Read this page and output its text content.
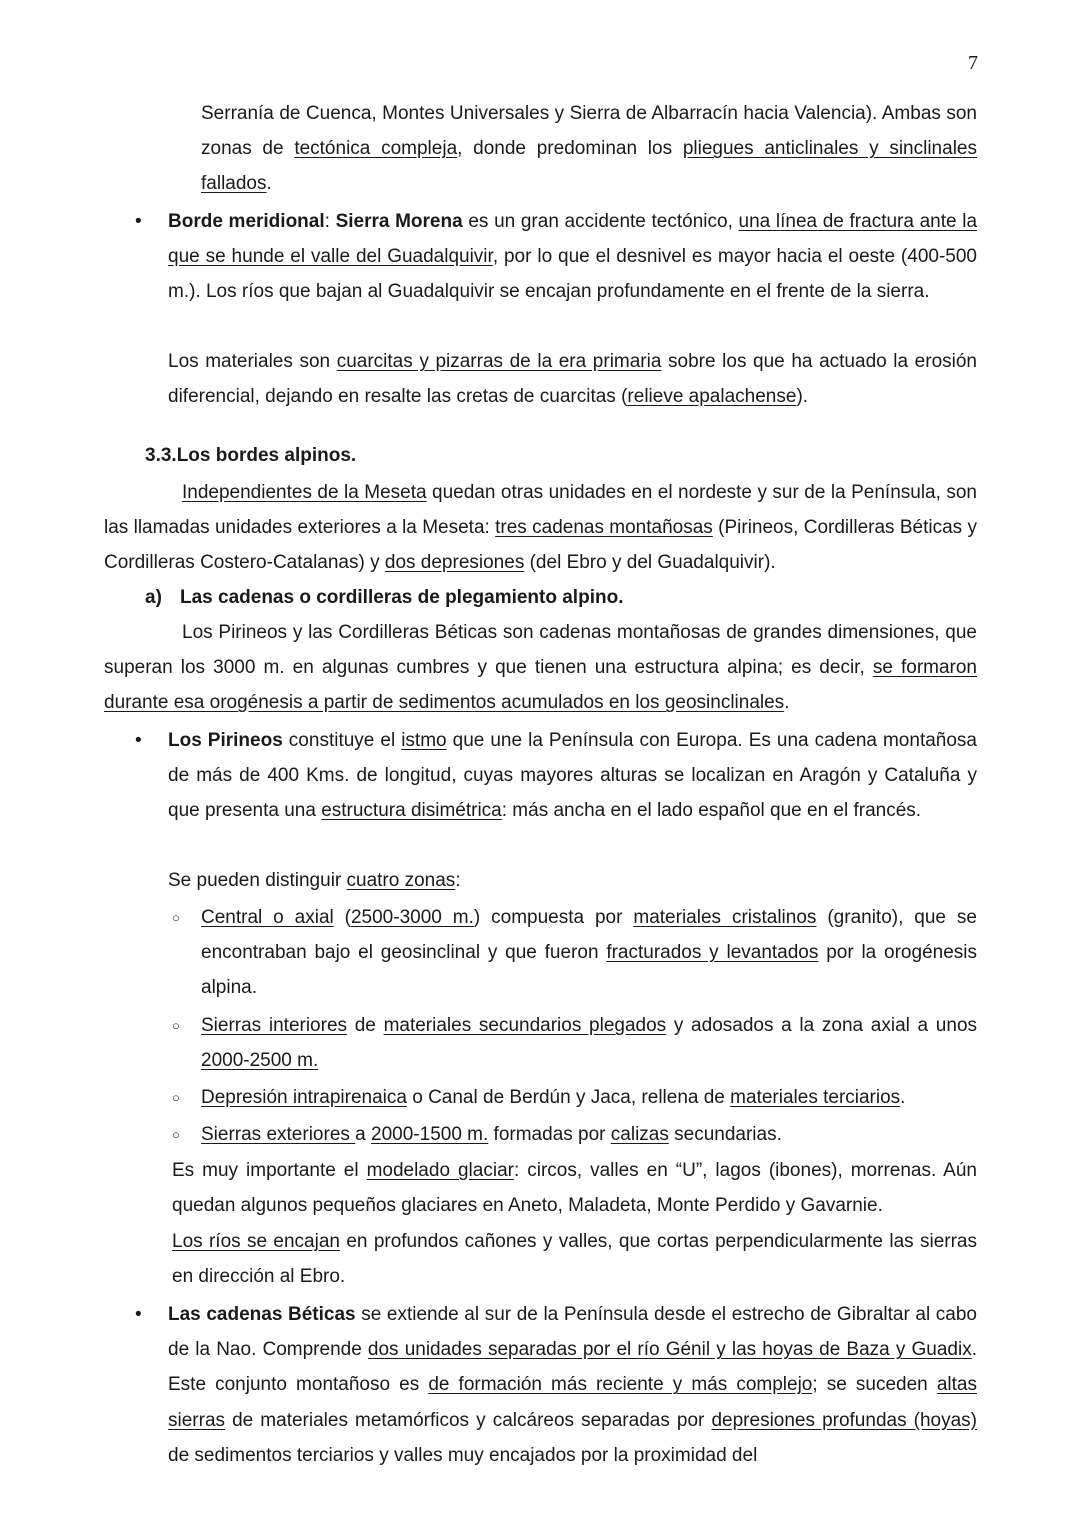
7
Serranía de Cuenca, Montes Universales y Sierra de Albarracín hacia Valencia). Ambas son zonas de tectónica compleja, donde predominan los pliegues anticlinales y sinclinales fallados.
• Borde meridional: Sierra Morena es un gran accidente tectónico, una línea de fractura ante la que se hunde el valle del Guadalquivir, por lo que el desnivel es mayor hacia el oeste (400-500 m.). Los ríos que bajan al Guadalquivir se encajan profundamente en el frente de la sierra.
Los materiales son cuarcitas y pizarras de la era primaria sobre los que ha actuado la erosión diferencial, dejando en resalte las cretas de cuarcitas (relieve apalachense).
3.3.Los bordes alpinos.
Independientes de la Meseta quedan otras unidades en el nordeste y sur de la Península, son las llamadas unidades exteriores a la Meseta: tres cadenas montañosas (Pirineos, Cordilleras Béticas y Cordilleras Costero-Catalanas) y dos depresiones (del Ebro y del Guadalquivir).
a) Las cadenas o cordilleras de plegamiento alpino.
Los Pirineos y las Cordilleras Béticas son cadenas montañosas de grandes dimensiones, que superan los 3000 m. en algunas cumbres y que tienen una estructura alpina; es decir, se formaron durante esa orogénesis a partir de sedimentos acumulados en los geosinclinales.
• Los Pirineos constituye el istmo que une la Península con Europa. Es una cadena montañosa de más de 400 Kms. de longitud, cuyas mayores alturas se localizan en Aragón y Cataluña y que presenta una estructura disimétrica: más ancha en el lado español que en el francés.
Se pueden distinguir cuatro zonas:
○ Central o axial (2500-3000 m.) compuesta por materiales cristalinos (granito), que se encontraban bajo el geosinclinal y que fueron fracturados y levantados por la orogénesis alpina.
○ Sierras interiores de materiales secundarios plegados y adosados a la zona axial a unos 2000-2500 m.
○ Depresión intrapirenaica o Canal de Berdún y Jaca, rellena de materiales terciarios.
○ Sierras exteriores a 2000-1500 m. formadas por calizas secundarias.
Es muy importante el modelado glaciar: circos, valles en “U”, lagos (ibones), morrenas. Aún quedan algunos pequeños glaciares en Aneto, Maladeta, Monte Perdido y Gavarnie.
Los ríos se encajan en profundos cañones y valles, que cortas perpendicularmente las sierras en dirección al Ebro.
• Las cadenas Béticas se extiende al sur de la Península desde el estrecho de Gibraltar al cabo de la Nao. Comprende dos unidades separadas por el río Génil y las hoyas de Baza y Guadix. Este conjunto montañoso es de formación más reciente y más complejo; se suceden altas sierras de materiales metamórficos y calcáreos separadas por depresiones profundas (hoyas) de sedimentos terciarios y valles muy encajados por la proximidad del
